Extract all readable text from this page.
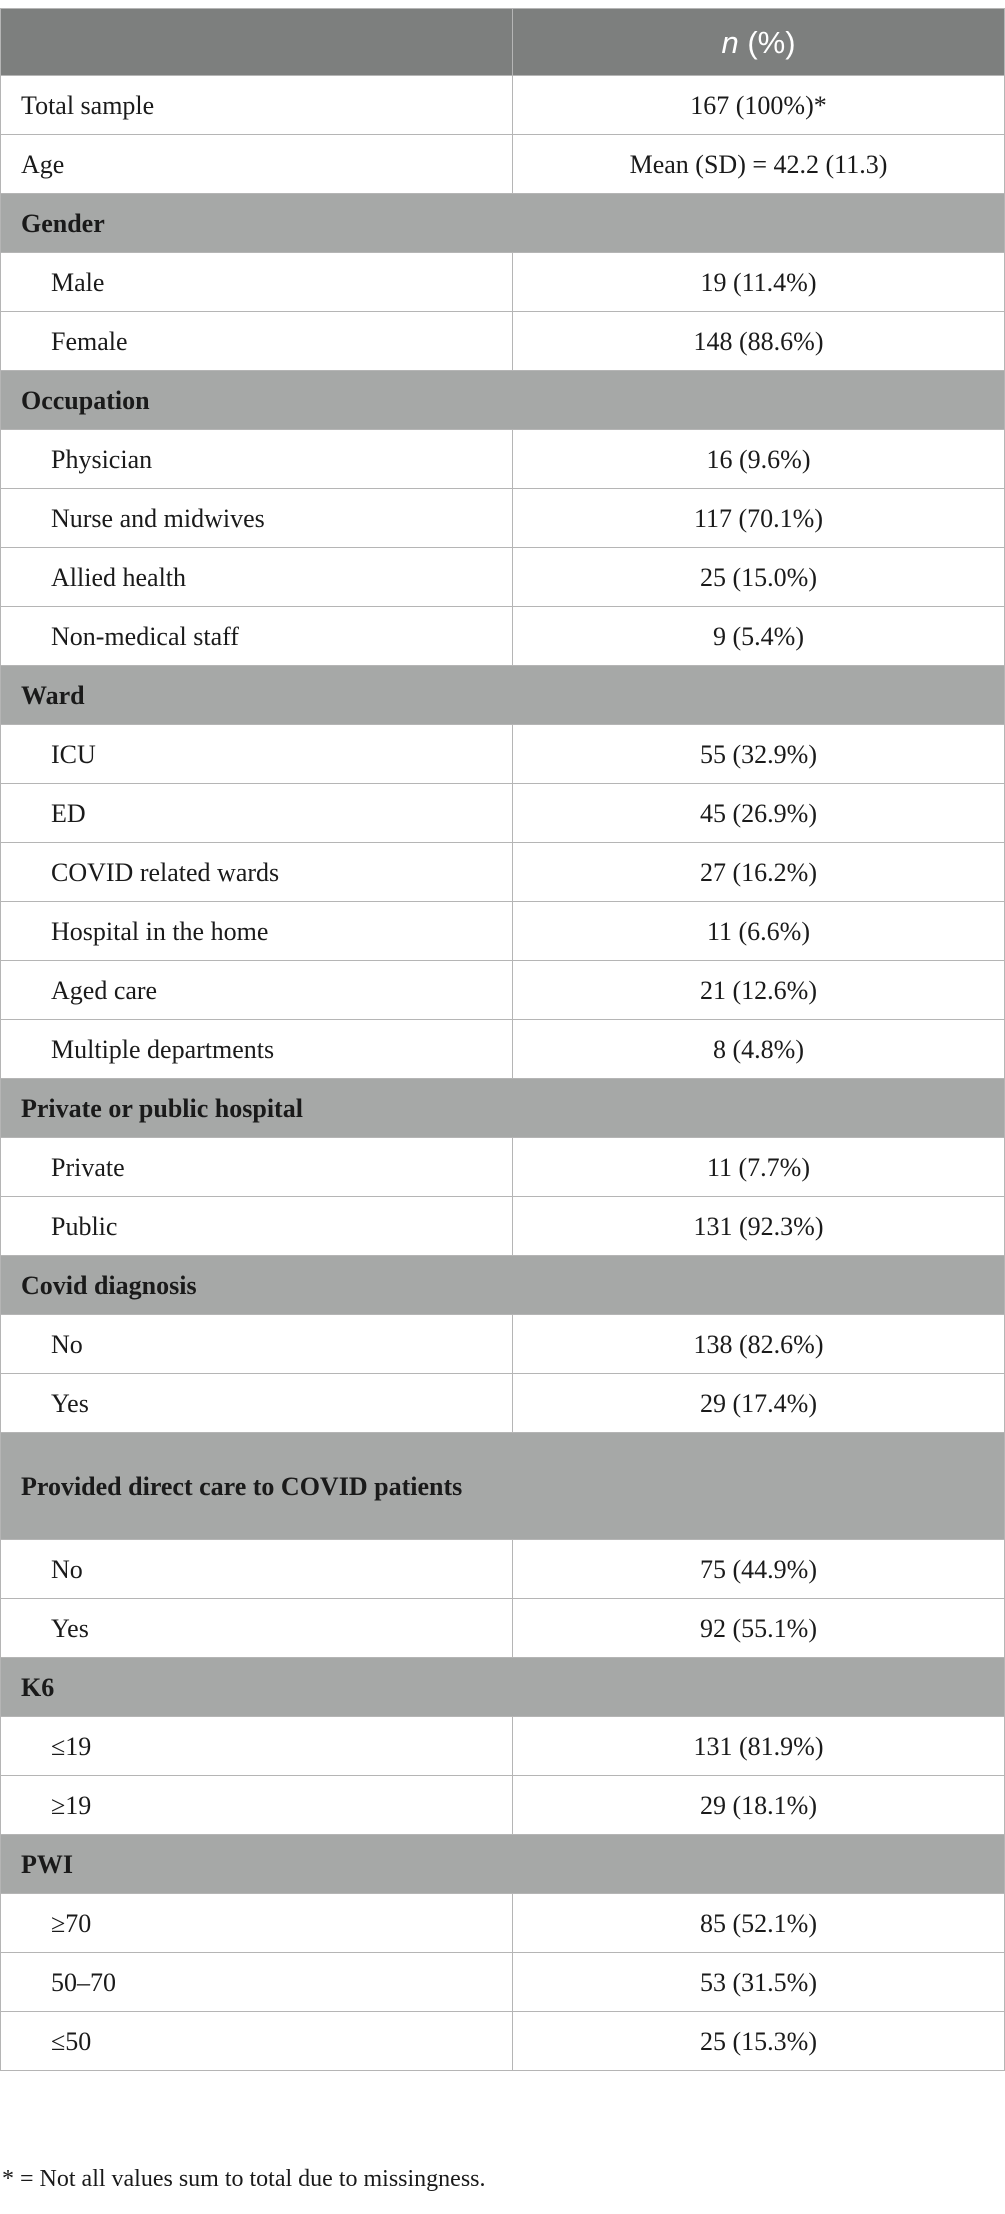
	n (%)
Total sample	167 (100%)*
Age	Mean (SD) = 42.2 (11.3)
Gender	
Male	19 (11.4%)
Female	148 (88.6%)
Occupation	
Physician	16 (9.6%)
Nurse and midwives	117 (70.1%)
Allied health	25 (15.0%)
Non-medical staff	9 (5.4%)
Ward	
ICU	55 (32.9%)
ED	45 (26.9%)
COVID related wards	27 (16.2%)
Hospital in the home	11 (6.6%)
Aged care	21 (12.6%)
Multiple departments	8 (4.8%)
Private or public hospital	
Private	11 (7.7%)
Public	131 (92.3%)
Covid diagnosis	
No	138 (82.6%)
Yes	29 (17.4%)
Provided direct care to COVID patients	
No	75 (44.9%)
Yes	92 (55.1%)
K6	
≤19	131 (81.9%)
≥19	29 (18.1%)
PWI	
≥70	85 (52.1%)
50–70	53 (31.5%)
≤50	25 (15.3%)
* = Not all values sum to total due to missingness.
